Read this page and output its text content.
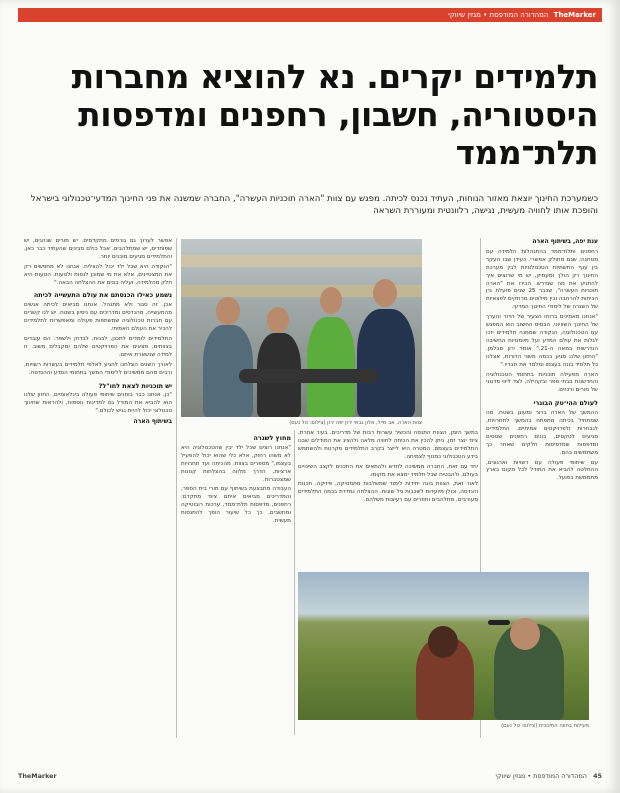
TheMarker המהדורה המודפסת • מגזין שיווקי
תלמידים יקרים. נא להוציא מחברות היסטוריה, חשבון, רחפנים ומדפסות תלת־ממד
כשמערכת החינוך יוצאת מאזור הנוחות, העתיד נכנס לכיתה. מפגש עם צוות "הארה תוכניות העשרה", החברה שמשנה את פני החינוך המדעי־טכנולוגי בישראל והופכת אותו לחוויה מעשית, נגישה, רלוונטית ומעוררת השראה

ענת יפה, בשיתוף הארה

רחפנים ותלת־ממד בהתנהלות הלמידה עם מטחנה; שגם מחולק אפשרי. כעידן שבו העקר בין ענף התשתיות הטכנולוגיות לבין מערכת החינוך רק הולך ומעמיק, יש מי שרוצים איך להתניע את מה שנדרש. הכירו את "הארה תוכניות העשרה", שכבר 25 שנים פועלת בין הכיתות להרחבה ובין מילוטים מרתקים לפצאיות של השגרה של לימודי החינוך המדעי.

"אנחנו מאמינים ברוחו הצעיר של הדור והערך של החינוך השוויוני, הבסיס החשוב הוא המפגש עם הטכנולוגיה, הנקודה שממנה תלמידים יזכו לגלות את עולם המדע ועל מיומנויות החשיבה הנדרשות במאה ה-21," אומר ירון סבלמן. "החזון שלנו מגיע בכמה משני הדורות, אצלנו כל תלמיד בונה בעצמו ומלמד את חבריו."

הארה מפעילה תוכניות בתחומי הטכנולוגיה והחדשנות בבתי ספר ובקהילה, לצד ליווי פדגוגי של מורים ורכזים.

לעולם ההי־טק הבוגרי

ההמשך של הארה ברור ומעוגן בשטח. מה שמתחיל בכיתה מתפתח בהמשך לתחרויות, לנבחרות ולפרויקטים אמיתיים. התלמידים מגיעים לטקסים, בונים רחפנים שטסים ומדפסות שמדפיסות חלקים שאחר כך משתמשים בהם.

עם שיתופי פעולה עם רשויות וארגונים, ההחלטה להביא את המודל לכל מקום בארץ מתממשת בפועל.

צוות הארה, אב מייל, אלון גבאי ירון יפה ירון (צילום: טל נעם)

במשך הזמן, הצוות התנסה והכשיר עשרות רבות של מדריכים. בעיר אחרת, ציוד יוצר זמן, ניתן להכין את הכיתה לחוויה מלאה ולהציג את המודלים שבנו התלמידים בעצמם. המטרה היא לייצר בקרב התלמידים סקרנות ולהשתמש בידע הטכנולוגי כמנוף לצמיחה.

יחד עם זאת, החברה ממשיכה לחדש ולהתאים את התכנים לקצב השינויים בעולם, ולהבטיח שכל תלמיד ימצא את מקומו.

לאור זאת, הצוות בונה יחידות לימוד שמשלבות מתמטיקה, פיזיקה, תכנות והנדסה, וכולן מיועדות לשכבות גיל שונות. ההצלחה נמדדת בכמה התלמידים מעורבים, מתלהבים וחוזרים עם רעיונות משלהם.

מחוץ לשגרה

"אנחנו רוצים שכל ילד יבין שהטכנולוגיה היא לא משהו רחוק, אלא כלי שהוא יכול להפעיל בעצמו," מספרים בצוות. מהכיתה ועד תחרויות ארציות, הדרך מלווה בהצלחות קטנות שמצטברות.

העבודה מתבצעת בשיתוף עם מורי בית הספר, והמדריכים מביאים איתם ציוד מתקדם: רחפנים, מדפסות תלת־ממד, ערכות רובוטיקה ומחשבים. כך כל שיעור הופך להתנסות מעשית.

אפשר לערוך גם גורמים מתקדמים. יש מורים שנהנים, יש שפוחדים, יש שמתלהבים. אבל כולם מבינים שהעתיד כבר כאן, והתלמידים מגיעים מוכנים יותר.

"הנקודה היא שכל ילד יכול להצליח. אנחנו לא מחפשים רק את המצטיינים, אלא את מי שמוכן לנסות ולטעות. הטעות היא חלק מהלמידה, ועליה בונים את ההצלחה הבאה."

נשמע כאילו הכנסתם את עולם התעשייה לכיתה

אכן. זה סגור ולא מתנהל. אנחנו מביאים לכיתה אנשים מהתעשייה, מהנדסים ומדריכים עם ניסיון בשטח. יש לנו קשרים עם חברות טכנולוגיה שמשתפות פעולה ומאפשרות לתלמידים להכיר את העולם האמיתי.

התלמידים לומדים לתכנן, לבנות, לבדוק ולשפר. הם עובדים בצוותים, מציגים את הפרויקטים שלהם ומקבלים משוב. זו למידה שנשארת איתם.

לאורך השנים הצלחנו להגיע לאלפי תלמידים בעשרות רשויות, ורבים מהם ממשיכים ללימודי המשך בתחומי המדע וההנדסה.

יש תוכניות לצאת לחו"ל?

"כן, אנחנו כבר בוחנים שיתופי פעולה בינלאומיים. החזון שלנו הוא להביא את המודל גם למדינות נוספות, ולהראות שחינוך טכנולוגי יכול להיות נגיש לכולם."

בשיתוף הארה

פעילות בחווה החינוכית (צילום: טל נעם)
45   המהדורה המודפסת • מגזין שיווקי
TheMarker
